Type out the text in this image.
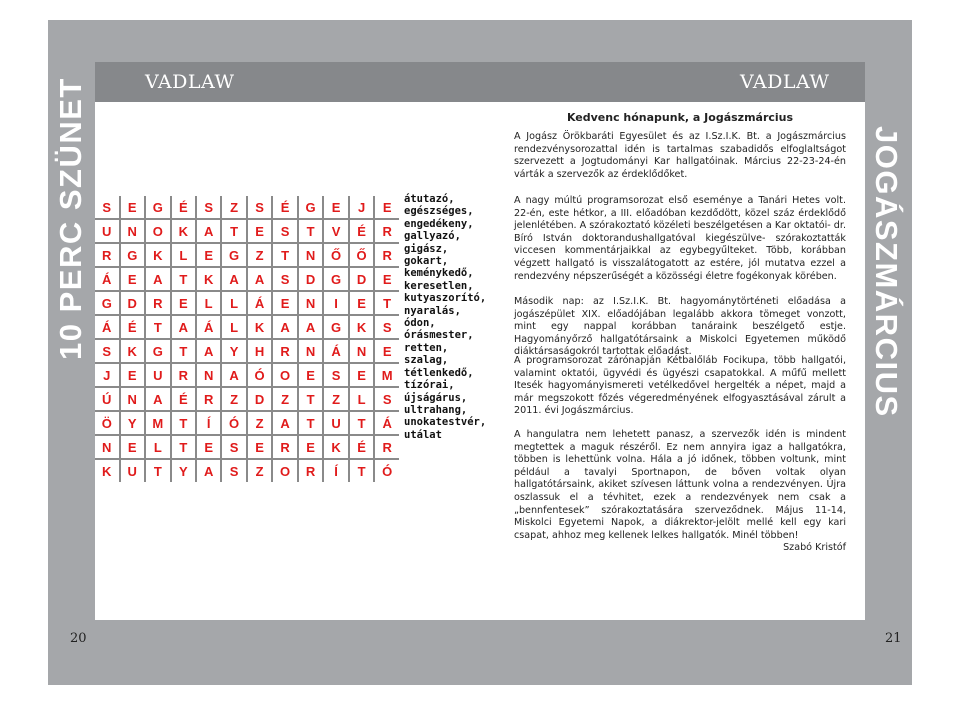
VADLAW
20
10 PERC SZÜNET	VADLAW
21
JOGÁSZMÁRCIUS
S	E	G	É	S	Z	S	É	G	E	J	E
U	N	O	K	A	T	E	S	T	V	É	R
R	G	K	L	E	G	Z	T	N	Ő	Ő	R
Á	E	A	T	K	A	A	S	D	G	D	E
G	D	R	E	L	L	Á	E	N	I	E	T
Á	É	T	A	Á	L	K	A	A	G	K	S
S	K	G	T	A	Y	H	R	N	Á	N	E
J	E	U	R	N	A	Ó	O	E	S	E	M
Ú	N	A	É	R	Z	D	Z	T	Z	L	S
Ö	Y	M	T	Í	Ó	Z	A	T	U	T	Á
N	E	L	T	E	S	E	R	E	K	É	R
K	U	T	Y	A	S	Z	O	R	Í	T	Ó
átutazó,
egészséges,
engedékeny,
gallyazó,
gigász,
gokart,
keménykedő,
keresetlen,
kutyaszorító,
nyaralás,
ódon,
órásmester,
retten,
szalag,
tétlenkedő,
tízórai,
újságárus,
ultrahang,
unokatestvér,
utálat
Kedvenc hónapunk, a Jogászmárcius
A Jogász Örökbaráti Egyesület és az I.Sz.I.K. Bt. a Jogászmárcius rendezvénysorozattal idén is tartalmas szabadidős elfoglaltságot szervezett a Jogtudományi Kar hallgatóinak. Március 22-23-24-én várták a szervezők az érdeklődőket.
A nagy múltú programsorozat első eseménye a Tanári Hetes volt. 22-én, este hétkor, a III. előadóban kezdődött, közel száz érdeklődő jelenlétében. A szórakoztató közéleti beszélgetésen a Kar oktatói- dr. Bíró István doktorandushallgatóval kiegészülve- szórakoztatták viccesen kommentárjaikkal az egybegyűlteket. Több, korábban végzett hallgató is visszalátogatott az estére, jól mutatva ezzel a rendezvény népszerűségét a közösségi életre fogékonyak körében.
Második nap: az I.Sz.I.K. Bt. hagyománytörténeti előadása a jogászépület XIX. előadójában legalább akkora tömeget vonzott, mint egy nappal korábban tanáraink beszélgető estje. Hagyományőrző hallgatótársaink a Miskolci Egyetemen működő diáktársaságokról tartottak előadást.
A programsorozat zárónapján Kétbalőláb Focikupa, több hallgatói, valamint oktatói, ügyvédi és ügyészi csapatokkal. A műfű mellett Itesék hagyományismereti vetélkedővel hergelték a népet, majd a már megszokott főzés végeredményének elfogyasztásával zárult a 2011. évi Jogászmárcius.
A hangulatra nem lehetett panasz, a szervezők idén is mindent megtettek a maguk részéről. Ez nem annyira igaz a hallgatókra, többen is lehettünk volna. Hála a jó időnek, többen voltunk, mint például a tavalyi Sportnapon, de bőven voltak olyan hallgatótársaink, akiket szívesen láttunk volna a rendezvényen. Újra oszlassuk el a tévhitet, ezek a rendezvények nem csak a „bennfentesek” szórakoztatására szerveződnek. Május 11-14, Miskolci Egyetemi Napok, a diákrektor-jelölt mellé kell egy kari csapat, ahhoz meg kellenek lelkes hallgatók. Minél többen!
Szabó Kristóf
